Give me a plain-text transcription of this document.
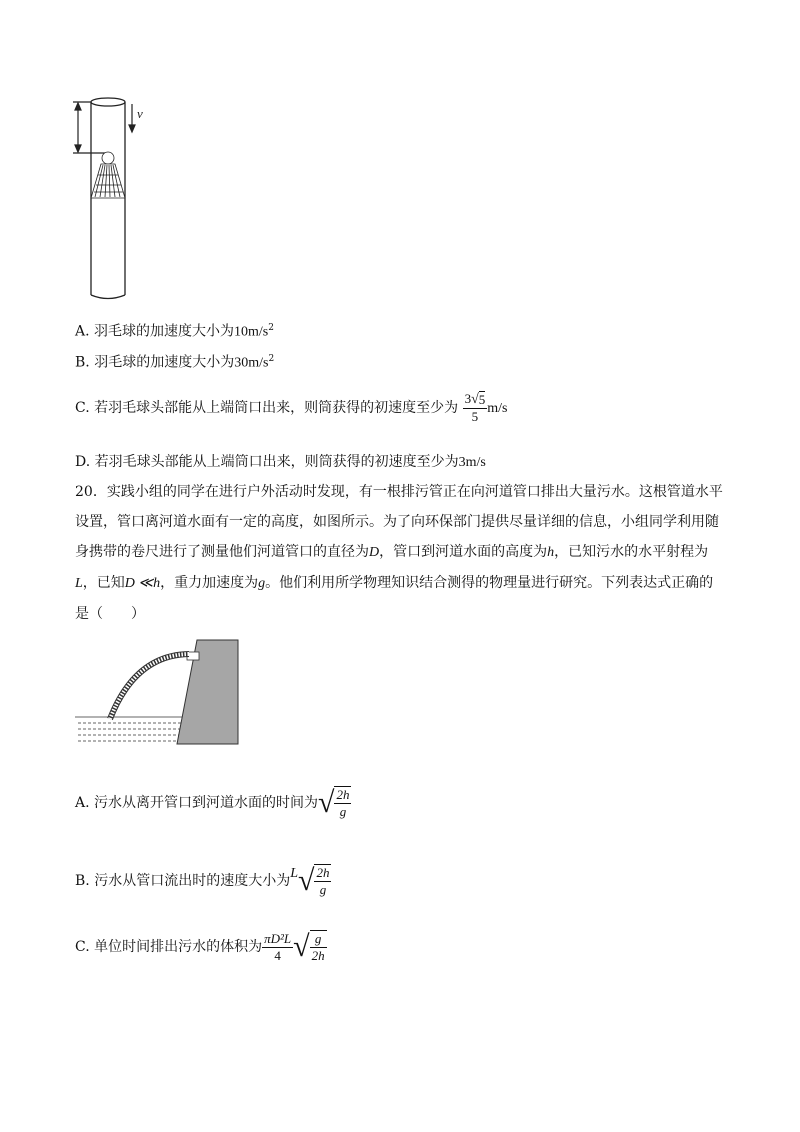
v
A. 羽毛球的加速度大小为$10m/s^2$
B. 羽毛球的加速度大小为$30m/s^2$
C. 若羽毛球头部能从上端筒口出来，则筒获得的初速度至少为 $\frac{3√5}{5} m/s$
D. 若羽毛球头部能从上端筒口出来，则筒获得的初速度至少为3m/s
20．实践小组的同学在进行户外活动时发现，有一根排污管正在向河道管口排出大量污水。这根管道水平
设置，管口离河道水面有一定的高度，如图所示。为了向环保部门提供尽量详细的信息，小组同学利用随
身携带的卷尺进行了测量他们河道管口的直径为D，管口到河道水面的高度为h，已知污水的水平射程为
L，已知D ≪h，重力加速度为g。他们利用所学物理知识结合测得的物理量进行研究。下列表达式正确的
是（　　）
A. 污水从离开管口到河道水面的时间为√ $\frac{2h}{g}$
B. 污水从管口流出时的速度大小为$L√ \frac{2h}{g}$
C. 单位时间排出污水的体积为 $\frac{\text{πD²L}}{4}$ √ $\frac{g}{2h}$
